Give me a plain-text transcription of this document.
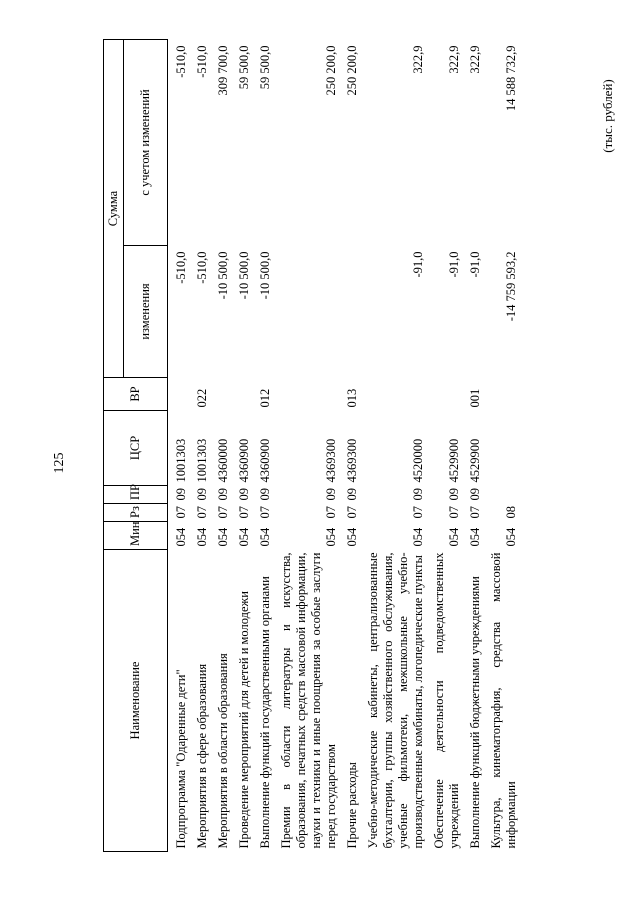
125
(тыс. рублей)
Наименование	Мин	Рз	ПР	ЦСР	ВР	Сумма	
						изменения	с учетом изменений
Подпрограмма "Одаренные дети"	054	07	09	1001303		-510,0	-510,0
Мероприятия в сфере образования	054	07	09	1001303	022	-510,0	-510,0
Мероприятия в области образования	054	07	09	4360000		-10 500,0	309 700,0
Проведение мероприятий для детей и молодежи	054	07	09	4360900		-10 500,0	59 500,0
Выполнение функций государственными органами	054	07	09	4360900	012	-10 500,0	59 500,0
Премии в области литературы и искусства, образования, печатных средств массовой информации, науки и техники и иные поощрения за особые заслуги перед государством	054	07	09	4369300			250 200,0
Прочие расходы	054	07	09	4369300	013		250 200,0
Учебно-методические кабинеты, централизованные бухгалтерии, группы хозяйственного обслуживания, учебные фильмотеки, межшкольные учебно-производственные комбинаты, логопедические пункты	054	07	09	4520000		-91,0	322,9
Обеспечение деятельности подведомственных учреждений	054	07	09	4529900		-91,0	322,9
Выполнение функций бюджетными учреждениями	054	07	09	4529900	001	-91,0	322,9
Культура, кинематография, средства массовой информации	054	08				-14 759 593,2	14 588 732,9
